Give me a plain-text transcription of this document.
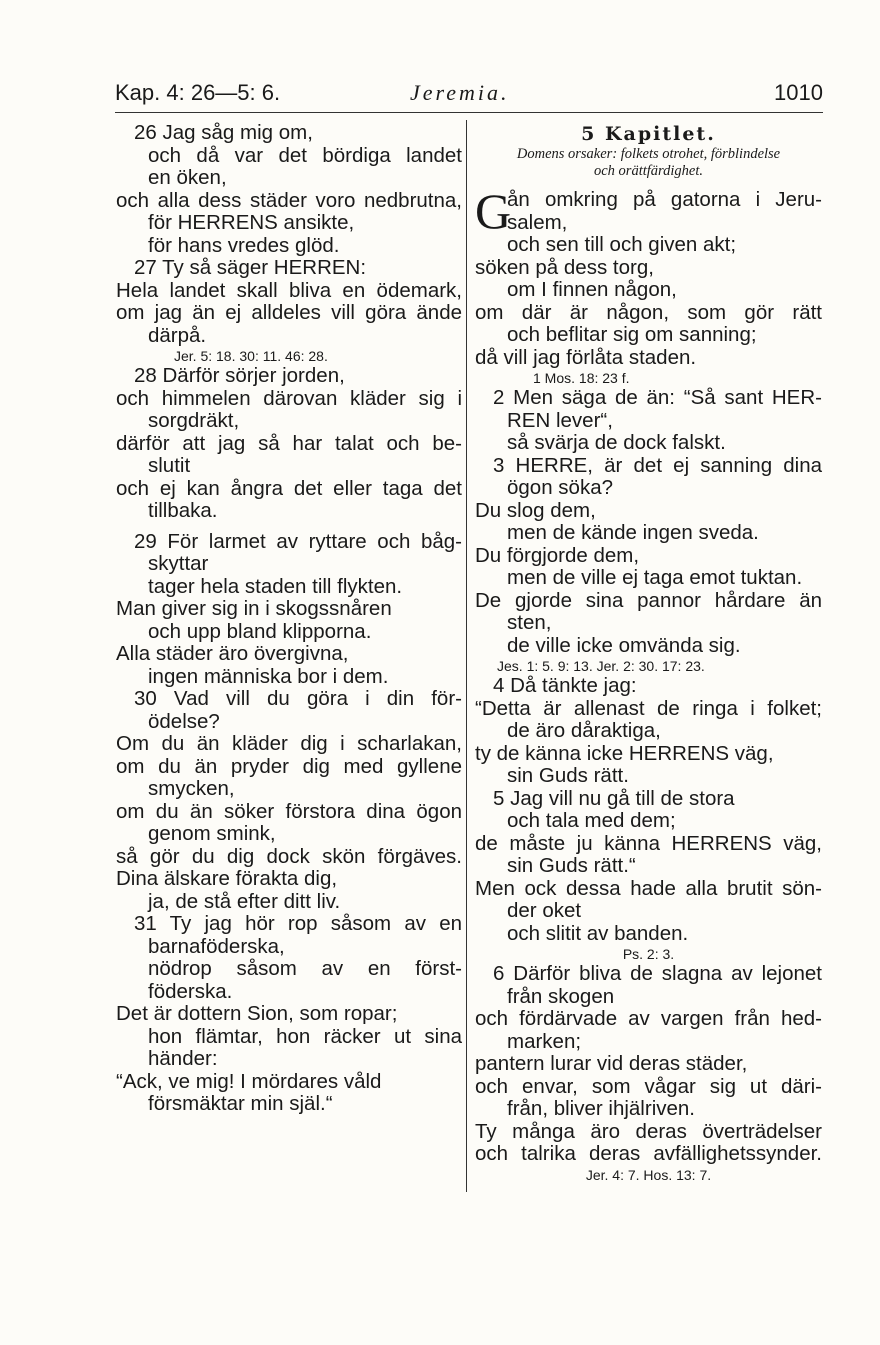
Kap. 4: 26—5: 6.	Jeremia.	1010
26 Jag såg mig om,
och då var det bördiga landet
en öken,
och alla dess städer voro nedbrutna,
för HERRENS ansikte,
för hans vredes glöd.
27 Ty så säger HERREN:
Hela landet skall bliva en ödemark,
om jag än ej alldeles vill göra ände
därpå.
Jer. 5: 18. 30: 11. 46: 28.
28 Därför sörjer jorden,
och himmelen därovan kläder sig i
sorgdräkt,
därför att jag så har talat och be-
slutit
och ej kan ångra det eller taga det
tillbaka.
29 För larmet av ryttare och båg-
skyttar
tager hela staden till flykten.
Man giver sig in i skogssnåren
och upp bland klipporna.
Alla städer äro övergivna,
ingen människa bor i dem.
30 Vad vill du göra i din för-
ödelse?
Om du än kläder dig i scharlakan,
om du än pryder dig med gyllene
smycken,
om du än söker förstora dina ögon
genom smink,
så gör du dig dock skön förgäves.
Dina älskare förakta dig,
ja, de stå efter ditt liv.
31 Ty jag hör rop såsom av en
barnaföderska,
nödrop såsom av en först-
föderska.
Det är dottern Sion, som ropar;
hon flämtar, hon räcker ut sina
händer:
“Ack, ve mig! I mördares våld
försmäktar min själ.“
5 Kapitlet.
Domens orsaker: folkets otrohet, förblindelse
och orättfärdighet.
G
ån omkring på gatorna i Jeru-
salem,
och sen till och given akt;
söken på dess torg,
om I finnen någon,
om där är någon, som gör rätt
och beflitar sig om sanning;
då vill jag förlåta staden.
1 Mos. 18: 23 f.
2 Men säga de än: “Så sant HER-
REN lever“,
så svärja de dock falskt.
3 HERRE, är det ej sanning dina
ögon söka?
Du slog dem,
men de kände ingen sveda.
Du förgjorde dem,
men de ville ej taga emot tuktan.
De gjorde sina pannor hårdare än
sten,
de ville icke omvända sig.
Jes. 1: 5. 9: 13. Jer. 2: 30. 17: 23.
4 Då tänkte jag:
“Detta är allenast de ringa i folket;
de äro dåraktiga,
ty de känna icke HERRENS väg,
sin Guds rätt.
5 Jag vill nu gå till de stora
och tala med dem;
de måste ju känna HERRENS väg,
sin Guds rätt.“
Men ock dessa hade alla brutit sön-
der oket
och slitit av banden.
Ps. 2: 3.
6 Därför bliva de slagna av lejonet
från skogen
och fördärvade av vargen från hed-
marken;
pantern lurar vid deras städer,
och envar, som vågar sig ut däri-
från, bliver ihjälriven.
Ty många äro deras överträdelser
och talrika deras avfällighetssynder.
Jer. 4: 7. Hos. 13: 7.
